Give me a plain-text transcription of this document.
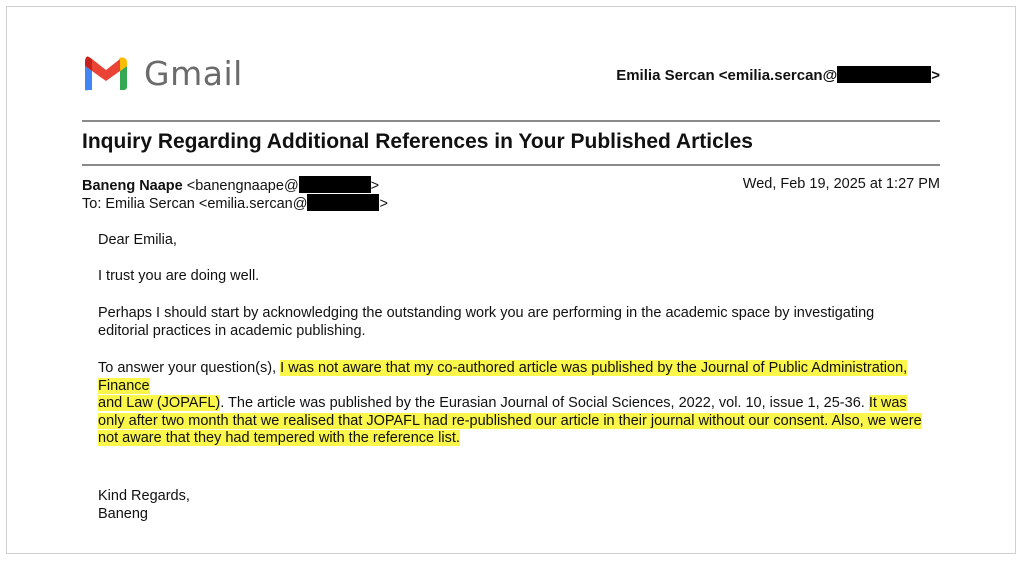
Gmail	Emilia Sercan <emilia.sercan@	>
Inquiry Regarding Additional References in Your Published Articles
Baneng Naape <banengnaape@	>	Wed, Feb 19, 2025 at 1:27 PM
To: Emilia Sercan <emilia.sercan@	>
Dear Emilia,
I trust you are doing well.
Perhaps I should start by acknowledging the outstanding work you are performing in the academic space by investigating editorial practices in academic publishing.
To answer your question(s), I was not aware that my co-authored article was published by the Journal of Public Administration, Finance
and Law (JOPAFL). The article was published by the Eurasian Journal of Social Sciences, 2022, vol. 10, issue 1, 25-36. It was only after two month that we realised that JOPAFL had re-published our article in their journal without our consent. Also, we were not aware that they had tempered with the reference list.
Kind Regards,
Baneng
